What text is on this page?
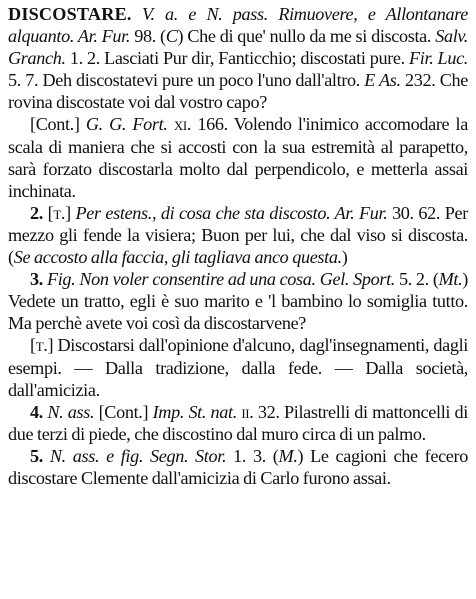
DISCOSTARE. V. a. e N. pass. Rimuovere, e Allontanare alquanto. Ar. Fur. 98. (C) Che di que' nullo da me si discosta. Salv. Granch. 1. 2. Lasciati Pur dir, Fanticchio; discostati pure. Fir. Luc. 5. 7. Deh discostatevi pure un poco l'uno dall'altro. E As. 232. Che rovina discostate voi dal vostro capo?

[Cont.] G. G. Fort. xi. 166. Volendo l'inimico accomodare la scala di maniera che si accosti con la sua estremità al parapetto, sarà forzato discostarla molto dal perpendicolo, e metterla assai inchinata.

2. [t.] Per estens., di cosa che sta discosto. Ar. Fur. 30. 62. Per mezzo gli fende la visiera; Buon per lui, che dal viso si discosta. (Se accosto alla faccia, gli tagliava anco questa.)

3. Fig. Non voler consentire ad una cosa. Gel. Sport. 5. 2. (Mt.) Vedete un tratto, egli è suo marito e 'l bambino lo somiglia tutto. Ma perchè avete voi così da discostarvene?

[t.] Discostarsi dall'opinione d'alcuno, dagl'insegnamenti, dagli esempi. — Dalla tradizione, dalla fede. — Dalla società, dall'amicizia.

4. N. ass. [Cont.] Imp. St. nat. ii. 32. Pilastrelli di mattoncelli di due terzi di piede, che discostino dal muro circa di un palmo.

5. N. ass. e fig. Segn. Stor. 1. 3. (M.) Le cagioni che fecero discostare Clemente dall'amicizia di Carlo furono assai.
